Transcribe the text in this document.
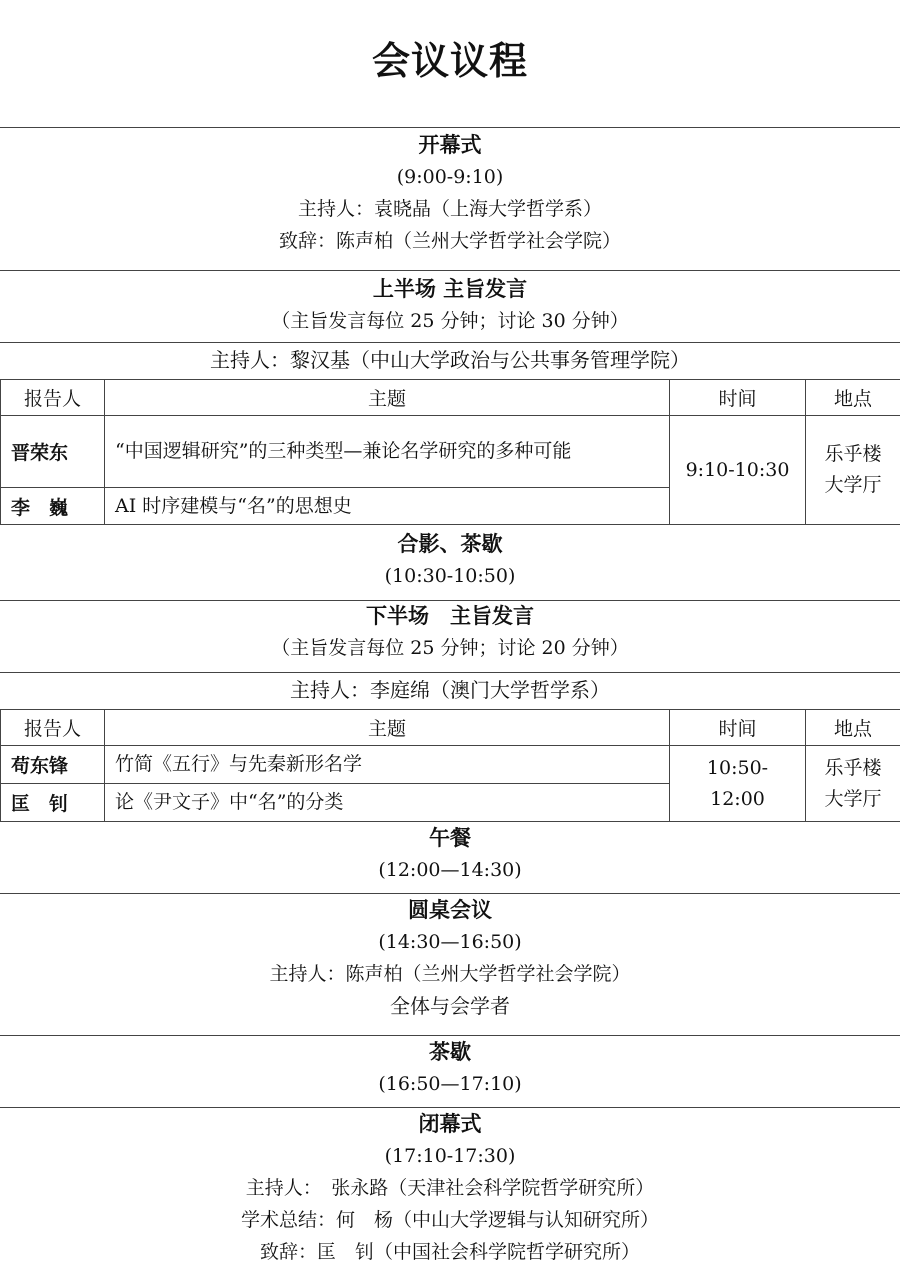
会议议程
开幕式
(9:00-9:10)
主持人：袁晓晶（上海大学哲学系）
致辞：陈声柏（兰州大学哲学社会学院）
上半场 主旨发言
（主旨发言每位 25 分钟；讨论 30 分钟）
主持人：黎汉基（中山大学政治与公共事务管理学院）
报告人	主题	时间	地点
晋荣东	“中国逻辑研究”的三种类型—兼论名学研究的多种可能	9:10-10:30	乐乎楼大学厅
李　巍	AI 时序建模与“名”的思想史		
合影、茶歇
(10:30-10:50)
下半场　主旨发言
（主旨发言每位 25 分钟；讨论 20 分钟）
主持人：李庭绵（澳门大学哲学系）
报告人	主题	时间	地点
苟东锋	竹简《五行》与先秦新形名学	10:50-12:00	乐乎楼大学厅
匡　钊	论《尹文子》中“名”的分类		
午餐
(12:00—14:30)
圆桌会议
(14:30—16:50)
主持人：陈声柏（兰州大学哲学社会学院）
全体与会学者
茶歇
(16:50—17:10)
闭幕式
(17:10-17:30)
主持人：　张永路（天津社会科学院哲学研究所）
学术总结：何　杨（中山大学逻辑与认知研究所）
致辞：匡　钊（中国社会科学院哲学研究所）
